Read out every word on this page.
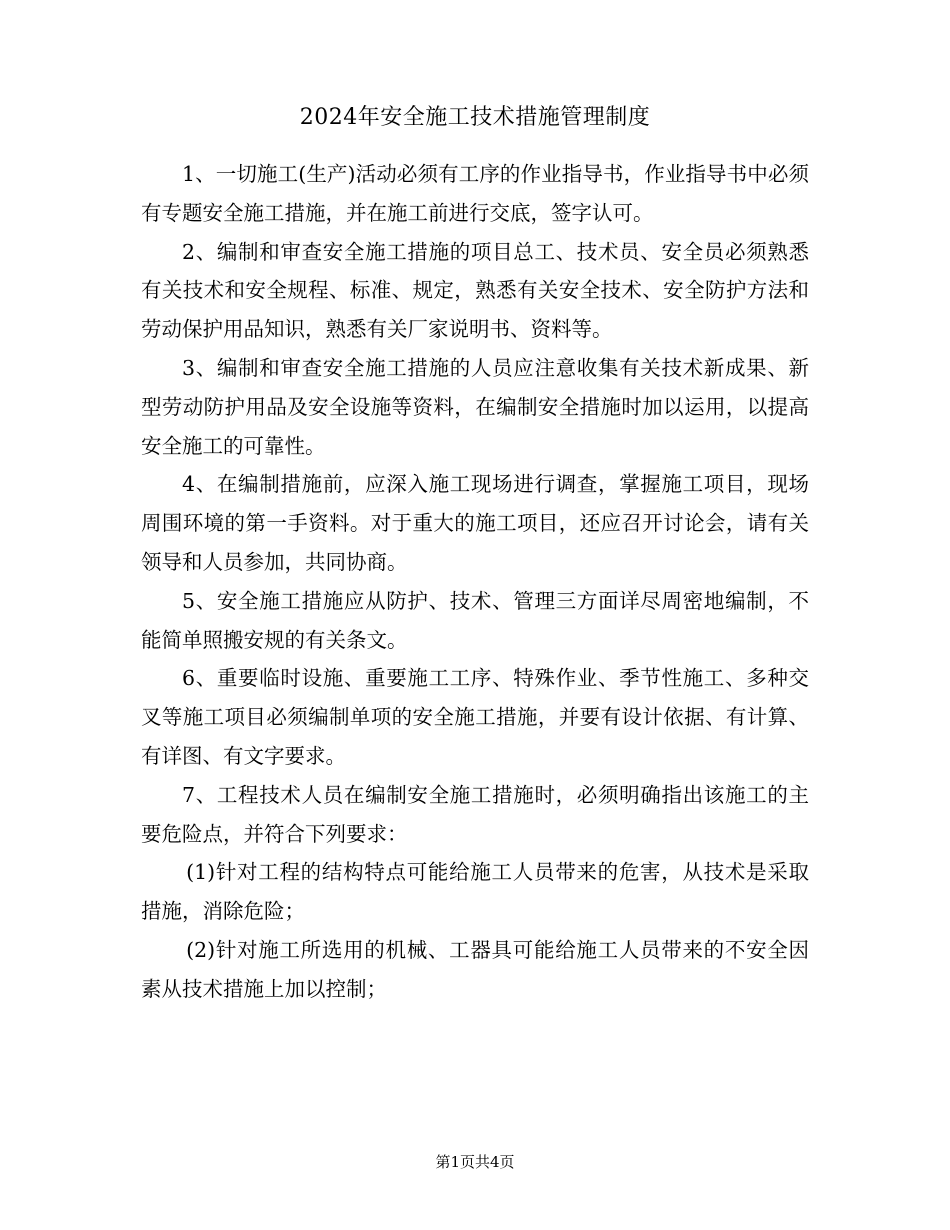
2024年安全施工技术措施管理制度

1、一切施工(生产)活动必须有工序的作业指导书，作业指导书中必须有专题安全施工措施，并在施工前进行交底，签字认可。

2、编制和审查安全施工措施的项目总工、技术员、安全员必须熟悉有关技术和安全规程、标准、规定，熟悉有关安全技术、安全防护方法和劳动保护用品知识，熟悉有关厂家说明书、资料等。

3、编制和审查安全施工措施的人员应注意收集有关技术新成果、新型劳动防护用品及安全设施等资料，在编制安全措施时加以运用，以提高安全施工的可靠性。

4、在编制措施前，应深入施工现场进行调查，掌握施工项目，现场周围环境的第一手资料。对于重大的施工项目，还应召开讨论会，请有关领导和人员参加，共同协商。

5、安全施工措施应从防护、技术、管理三方面详尽周密地编制，不能简单照搬安规的有关条文。

6、重要临时设施、重要施工工序、特殊作业、季节性施工、多种交叉等施工项目必须编制单项的安全施工措施，并要有设计依据、有计算、有详图、有文字要求。

7、工程技术人员在编制安全施工措施时，必须明确指出该施工的主要危险点，并符合下列要求：

(1)针对工程的结构特点可能给施工人员带来的危害，从技术是采取措施，消除危险；

(2)针对施工所选用的机械、工器具可能给施工人员带来的不安全因素从技术措施上加以控制；

第1页共4页
